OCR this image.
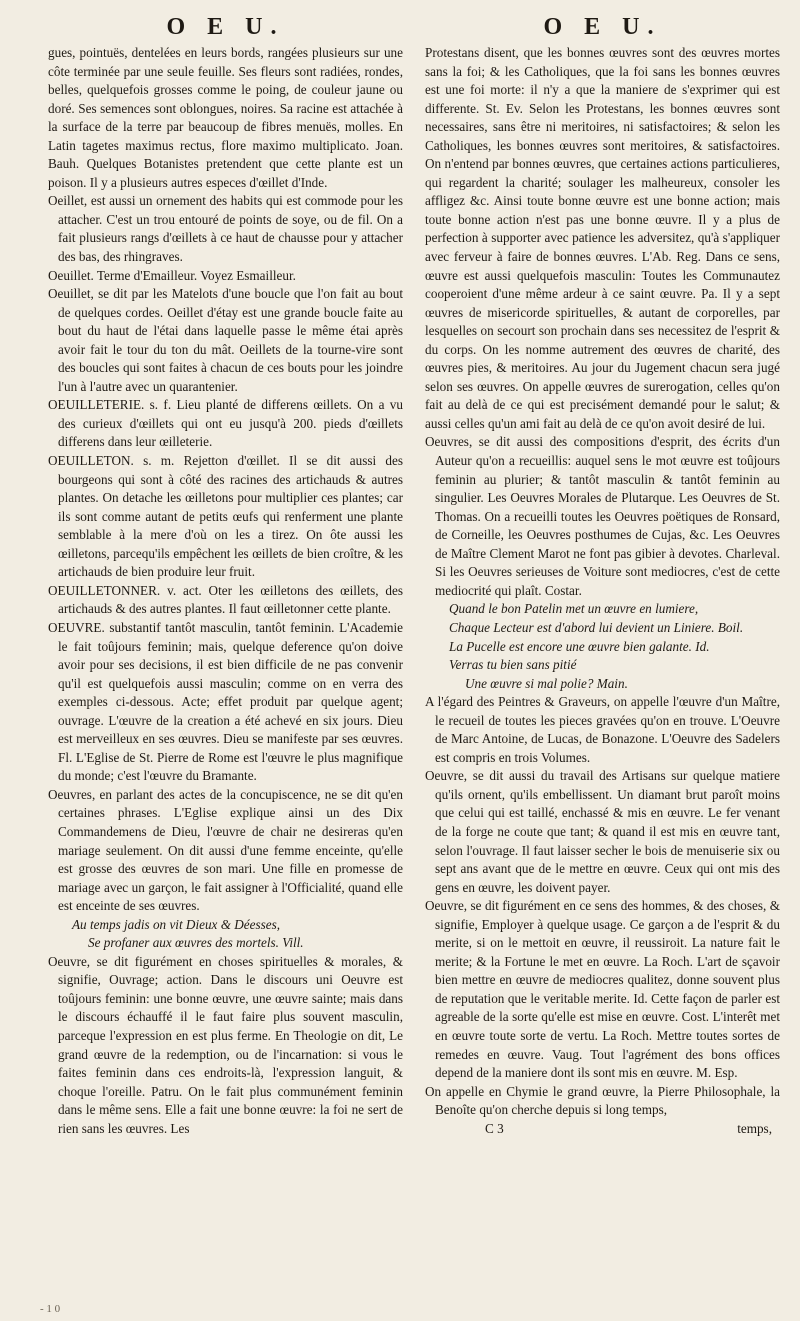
O E U.

gues, pointuës, dentelées en leurs bords, rangées plusieurs sur une côte terminée par une seule feuille. Ses fleurs sont radiées, rondes, belles, quelquefois grosses comme le poing, de couleur jaune ou doré. Ses semences sont oblongues, noires. Sa racine est attachée à la surface de la terre par beaucoup de fibres menuës, molles. En Latin tagetes maximus rectus, flore maximo multiplicato. Joan. Bauh. Quelques Botanistes pretendent que cette plante est un poison. Il y a plusieurs autres especes d'œillet d'Inde.

Oeillet, est aussi un ornement des habits qui est commode pour les attacher. C'est un trou entouré de points de soye, ou de fil. On a fait plusieurs rangs d'œillets à ce haut de chausse pour y attacher des bas, des rhingraves.

Oeuillet. Terme d'Emailleur. Voyez Esmailleur.

Oeuillet, se dit par les Matelots d'une boucle que l'on fait au bout de quelques cordes. Oeillet d'étay est une grande boucle faite au bout du haut de l'étai dans laquelle passe le même étai après avoir fait le tour du ton du mât. Oeillets de la tourne-vire sont des boucles qui sont faites à chacun de ces bouts pour les joindre l'un à l'autre avec un quarantenier.

OEUILLETERIE. s. f. Lieu planté de differens œillets. On a vu des curieux d'œillets qui ont eu jusqu'à 200. pieds d'œillets differens dans leur œilleterie.

OEUILLETON. s. m. Rejetton d'œillet. Il se dit aussi des bourgeons qui sont à côté des racines des artichauds & autres plantes. On detache les œilletons pour multiplier ces plantes; car ils sont comme autant de petits œufs qui renferment une plante semblable à la mere d'où on les a tirez. On ôte aussi les œilletons, parcequ'ils empêchent les œillets de bien croître, & les artichauds de bien produire leur fruit.

OEUILLETONNER. v. act. Oter les œilletons des œillets, des artichauds & des autres plantes. Il faut œilletonner cette plante.

OEUVRE. substantif tantôt masculin, tantôt feminin. L'Academie le fait toûjours feminin; mais, quelque deference qu'on doive avoir pour ses decisions, il est bien difficile de ne pas convenir qu'il est quelquefois aussi masculin; comme on en verra des exemples ci-dessous. Acte; effet produit par quelque agent; ouvrage. L'œuvre de la creation a été achevé en six jours. Dieu est merveilleux en ses œuvres. Dieu se manifeste par ses œuvres. Fl. L'Eglise de St. Pierre de Rome est l'œuvre le plus magnifique du monde; c'est l'œuvre du Bramante.

Oeuvres, en parlant des actes de la concupiscence, ne se dit qu'en certaines phrases. L'Eglise explique ainsi un des Dix Commandemens de Dieu, l'œuvre de chair ne desireras qu'en mariage seulement. On dit aussi d'une femme enceinte, qu'elle est grosse des œuvres de son mari. Une fille en promesse de mariage avec un garçon, le fait assigner à l'Officialité, quand elle est enceinte de ses œuvres.

Au temps jadis on vit Dieux & Déesses,

Se profaner aux œuvres des mortels. Vill.

Oeuvre, se dit figurément en choses spirituelles & morales, & signifie, Ouvrage; action. Dans le discours uni Oeuvre est toûjours feminin: une bonne œuvre, une œuvre sainte; mais dans le discours échauffé il le faut faire plus souvent masculin, parceque l'expression en est plus ferme. En Theologie on dit, Le grand œuvre de la redemption, ou de l'incarnation: si vous le faites feminin dans ces endroits-là, l'expression languit, & choque l'oreille. Patru. On le fait plus communément feminin dans le même sens. Elle a fait une bonne œuvre: la foi ne sert de rien sans les œuvres. Les

O E U.

Protestans disent, que les bonnes œuvres sont des œuvres mortes sans la foi; & les Catholiques, que la foi sans les bonnes œuvres est une foi morte: il n'y a que la maniere de s'exprimer qui est differente. St. Ev. Selon les Protestans, les bonnes œuvres sont necessaires, sans être ni meritoires, ni satisfactoires; & selon les Catholiques, les bonnes œuvres sont meritoires, & satisfactoires. On n'entend par bonnes œuvres, que certaines actions particulieres, qui regardent la charité; soulager les malheureux, consoler les affligez &c. Ainsi toute bonne œuvre est une bonne action; mais toute bonne action n'est pas une bonne œuvre. Il y a plus de perfection à supporter avec patience les adversitez, qu'à s'appliquer avec ferveur à faire de bonnes œuvres. L'Ab. Reg. Dans ce sens, œuvre est aussi quelquefois masculin: Toutes les Communautez cooperoient d'une même ardeur à ce saint œuvre. Pa. Il y a sept œuvres de misericorde spirituelles, & autant de corporelles, par lesquelles on secourt son prochain dans ses necessitez de l'esprit & du corps. On les nomme autrement des œuvres de charité, des œuvres pies, & meritoires. Au jour du Jugement chacun sera jugé selon ses œuvres. On appelle œuvres de surerogation, celles qu'on fait au delà de ce qui est precisément demandé pour le salut; & aussi celles qu'un ami fait au delà de ce qu'on avoit desiré de lui.

Oeuvres, se dit aussi des compositions d'esprit, des écrits d'un Auteur qu'on a recueillis: auquel sens le mot œuvre est toûjours feminin au plurier; & tantôt masculin & tantôt feminin au singulier. Les Oeuvres Morales de Plutarque. Les Oeuvres de St. Thomas. On a recueilli toutes les Oeuvres poëtiques de Ronsard, de Corneille, les Oeuvres posthumes de Cujas, &c. Les Oeuvres de Maître Clement Marot ne font pas gibier à devotes. Charleval. Si les Oeuvres serieuses de Voiture sont mediocres, c'est de cette mediocrité qui plaît. Costar.

Quand le bon Patelin met un œuvre en lumiere,

Chaque Lecteur est d'abord lui devient un Liniere. Boil.

La Pucelle est encore une œuvre bien galante. Id.

Verras tu bien sans pitié

Une œuvre si mal polie? Main.

A l'égard des Peintres & Graveurs, on appelle l'œuvre d'un Maître, le recueil de toutes les pieces gravées qu'on en trouve. L'Oeuvre de Marc Antoine, de Lucas, de Bonazone. L'Oeuvre des Sadelers est compris en trois Volumes.

Oeuvre, se dit aussi du travail des Artisans sur quelque matiere qu'ils ornent, qu'ils embellissent. Un diamant brut paroît moins que celui qui est taillé, enchassé & mis en œuvre. Le fer venant de la forge ne coute que tant; & quand il est mis en œuvre tant, selon l'ouvrage. Il faut laisser secher le bois de menuiserie six ou sept ans avant que de le mettre en œuvre. Ceux qui ont mis des gens en œuvre, les doivent payer.

Oeuvre, se dit figurément en ce sens des hommes, & des choses, & signifie, Employer à quelque usage. Ce garçon a de l'esprit & du merite, si on le mettoit en œuvre, il reussiroit. La nature fait le merite; & la Fortune le met en œuvre. La Roch. L'art de sçavoir bien mettre en œuvre de mediocres qualitez, donne souvent plus de reputation que le veritable merite. Id. Cette façon de parler est agreable de la sorte qu'elle est mise en œuvre. Cost. L'interêt met en œuvre toute sorte de vertu. La Roch. Mettre toutes sortes de remedes en œuvre. Vaug. Tout l'agrément des bons offices depend de la maniere dont ils sont mis en œuvre. M. Esp.

On appelle en Chymie le grand œuvre, la Pierre Philosophale, la Benoîte qu'on cherche depuis si long temps,

C 3	temps,
- 1 0
